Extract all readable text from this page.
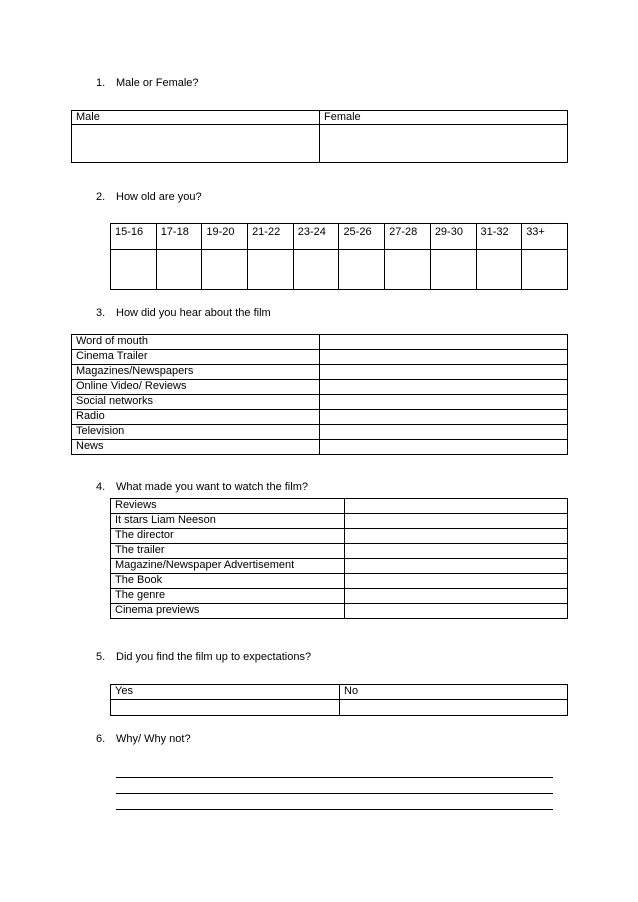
1. Male or Female?
Male	Female

2. How old are you?
15-16	17-18	19-20	21-22	23-24	25-26	27-28	29-30	31-32	33+

3. How did you hear about the film
Word of mouth	
Cinema Trailer	
Magazines/Newspapers	
Online Video/ Reviews	
Social networks	
Radio	
Television	
News	
4. What made you want to watch the film?
Reviews	
It stars Liam Neeson	
The director	
The trailer	
Magazine/Newspaper Advertisement	
The Book	
The genre	
Cinema previews	
5. Did you find the film up to expectations?
Yes	No

6. Why/ Why not?
